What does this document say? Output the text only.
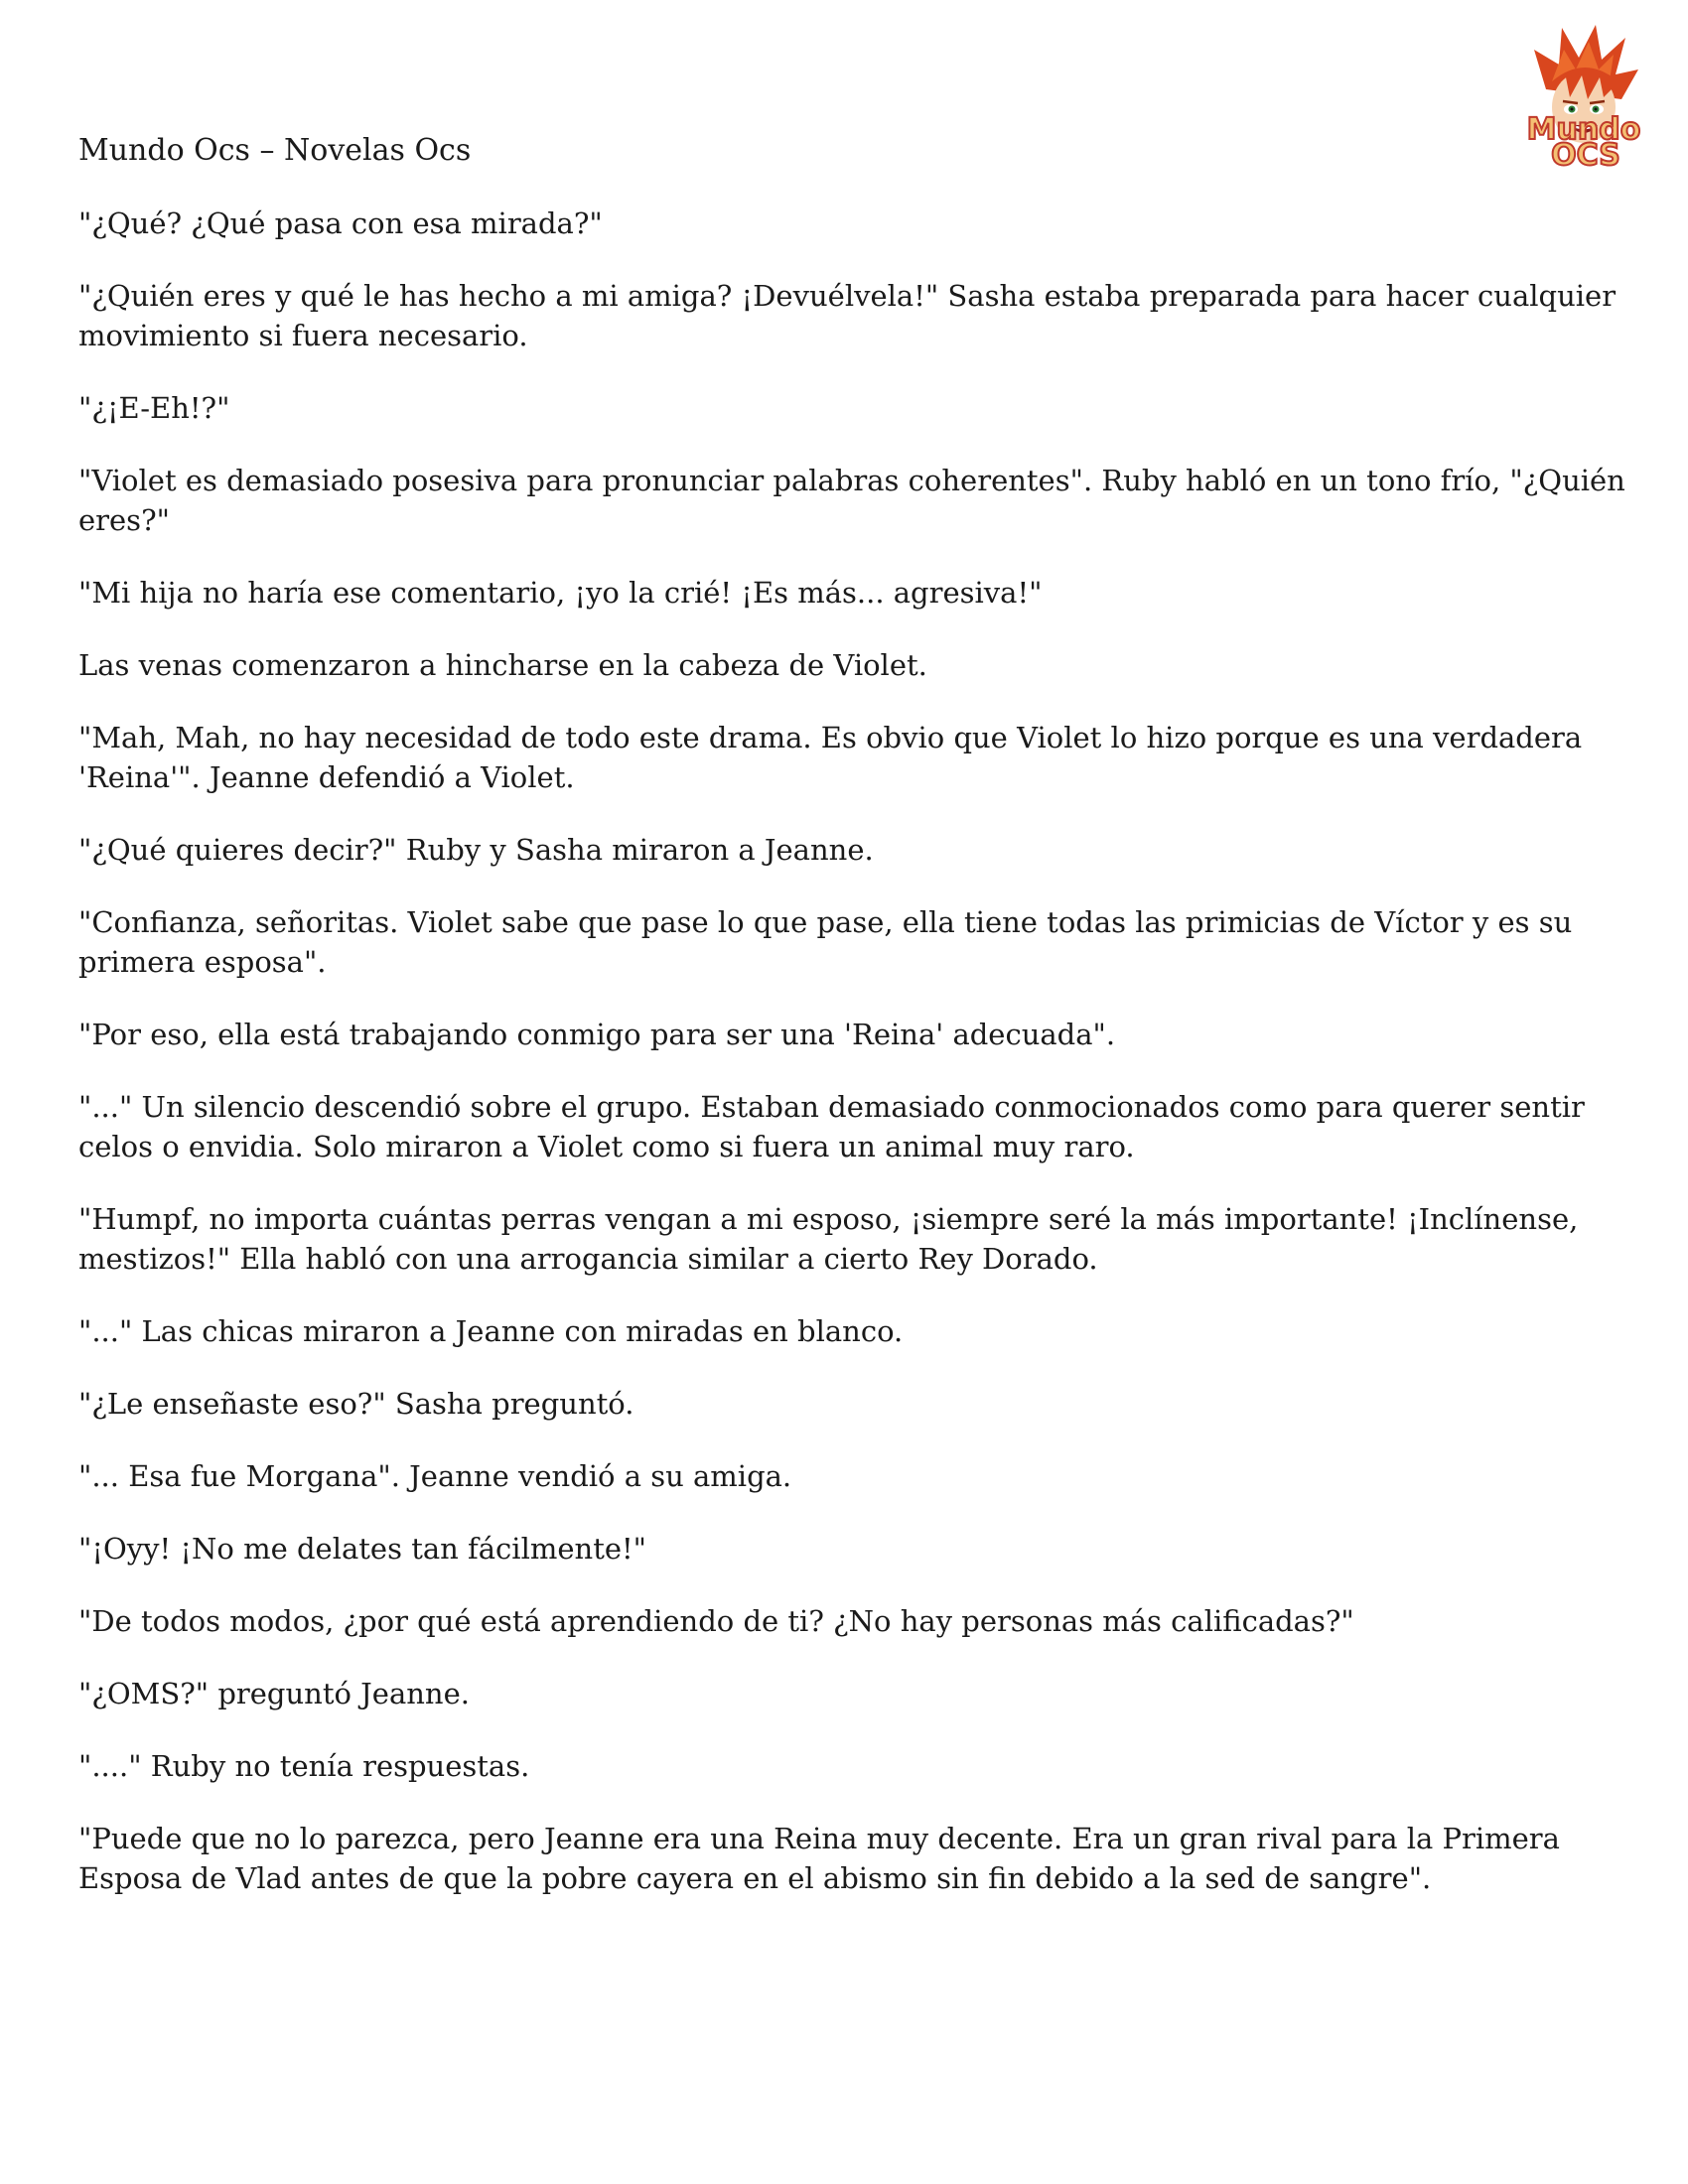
Mundo Ocs – Novelas Ocs
Mundo
OCS

"¿Qué? ¿Qué pasa con esa mirada?"

"¿Quién eres y qué le has hecho a mi amiga? ¡Devuélvela!" Sasha estaba preparada para hacer cualquier movimiento si fuera necesario.

"¿¡E-Eh!?"

"Violet es demasiado posesiva para pronunciar palabras coherentes". Ruby habló en un tono frío, "¿Quién eres?"

"Mi hija no haría ese comentario, ¡yo la crié! ¡Es más... agresiva!"

Las venas comenzaron a hincharse en la cabeza de Violet.

"Mah, Mah, no hay necesidad de todo este drama. Es obvio que Violet lo hizo porque es una verdadera 'Reina'". Jeanne defendió a Violet.

"¿Qué quieres decir?" Ruby y Sasha miraron a Jeanne.

"Confianza, señoritas. Violet sabe que pase lo que pase, ella tiene todas las primicias de Víctor y es su primera esposa".

"Por eso, ella está trabajando conmigo para ser una 'Reina' adecuada".

"..." Un silencio descendió sobre el grupo. Estaban demasiado conmocionados como para querer sentir celos o envidia. Solo miraron a Violet como si fuera un animal muy raro.

"Humpf, no importa cuántas perras vengan a mi esposo, ¡siempre seré la más importante! ¡Inclínense, mestizos!" Ella habló con una arrogancia similar a cierto Rey Dorado.

"..." Las chicas miraron a Jeanne con miradas en blanco.

"¿Le enseñaste eso?" Sasha preguntó.

"... Esa fue Morgana". Jeanne vendió a su amiga.

"¡Oyy! ¡No me delates tan fácilmente!"

"De todos modos, ¿por qué está aprendiendo de ti? ¿No hay personas más calificadas?"

"¿OMS?" preguntó Jeanne.

"...." Ruby no tenía respuestas.

"Puede que no lo parezca, pero Jeanne era una Reina muy decente. Era un gran rival para la Primera Esposa de Vlad antes de que la pobre cayera en el abismo sin fin debido a la sed de sangre".
